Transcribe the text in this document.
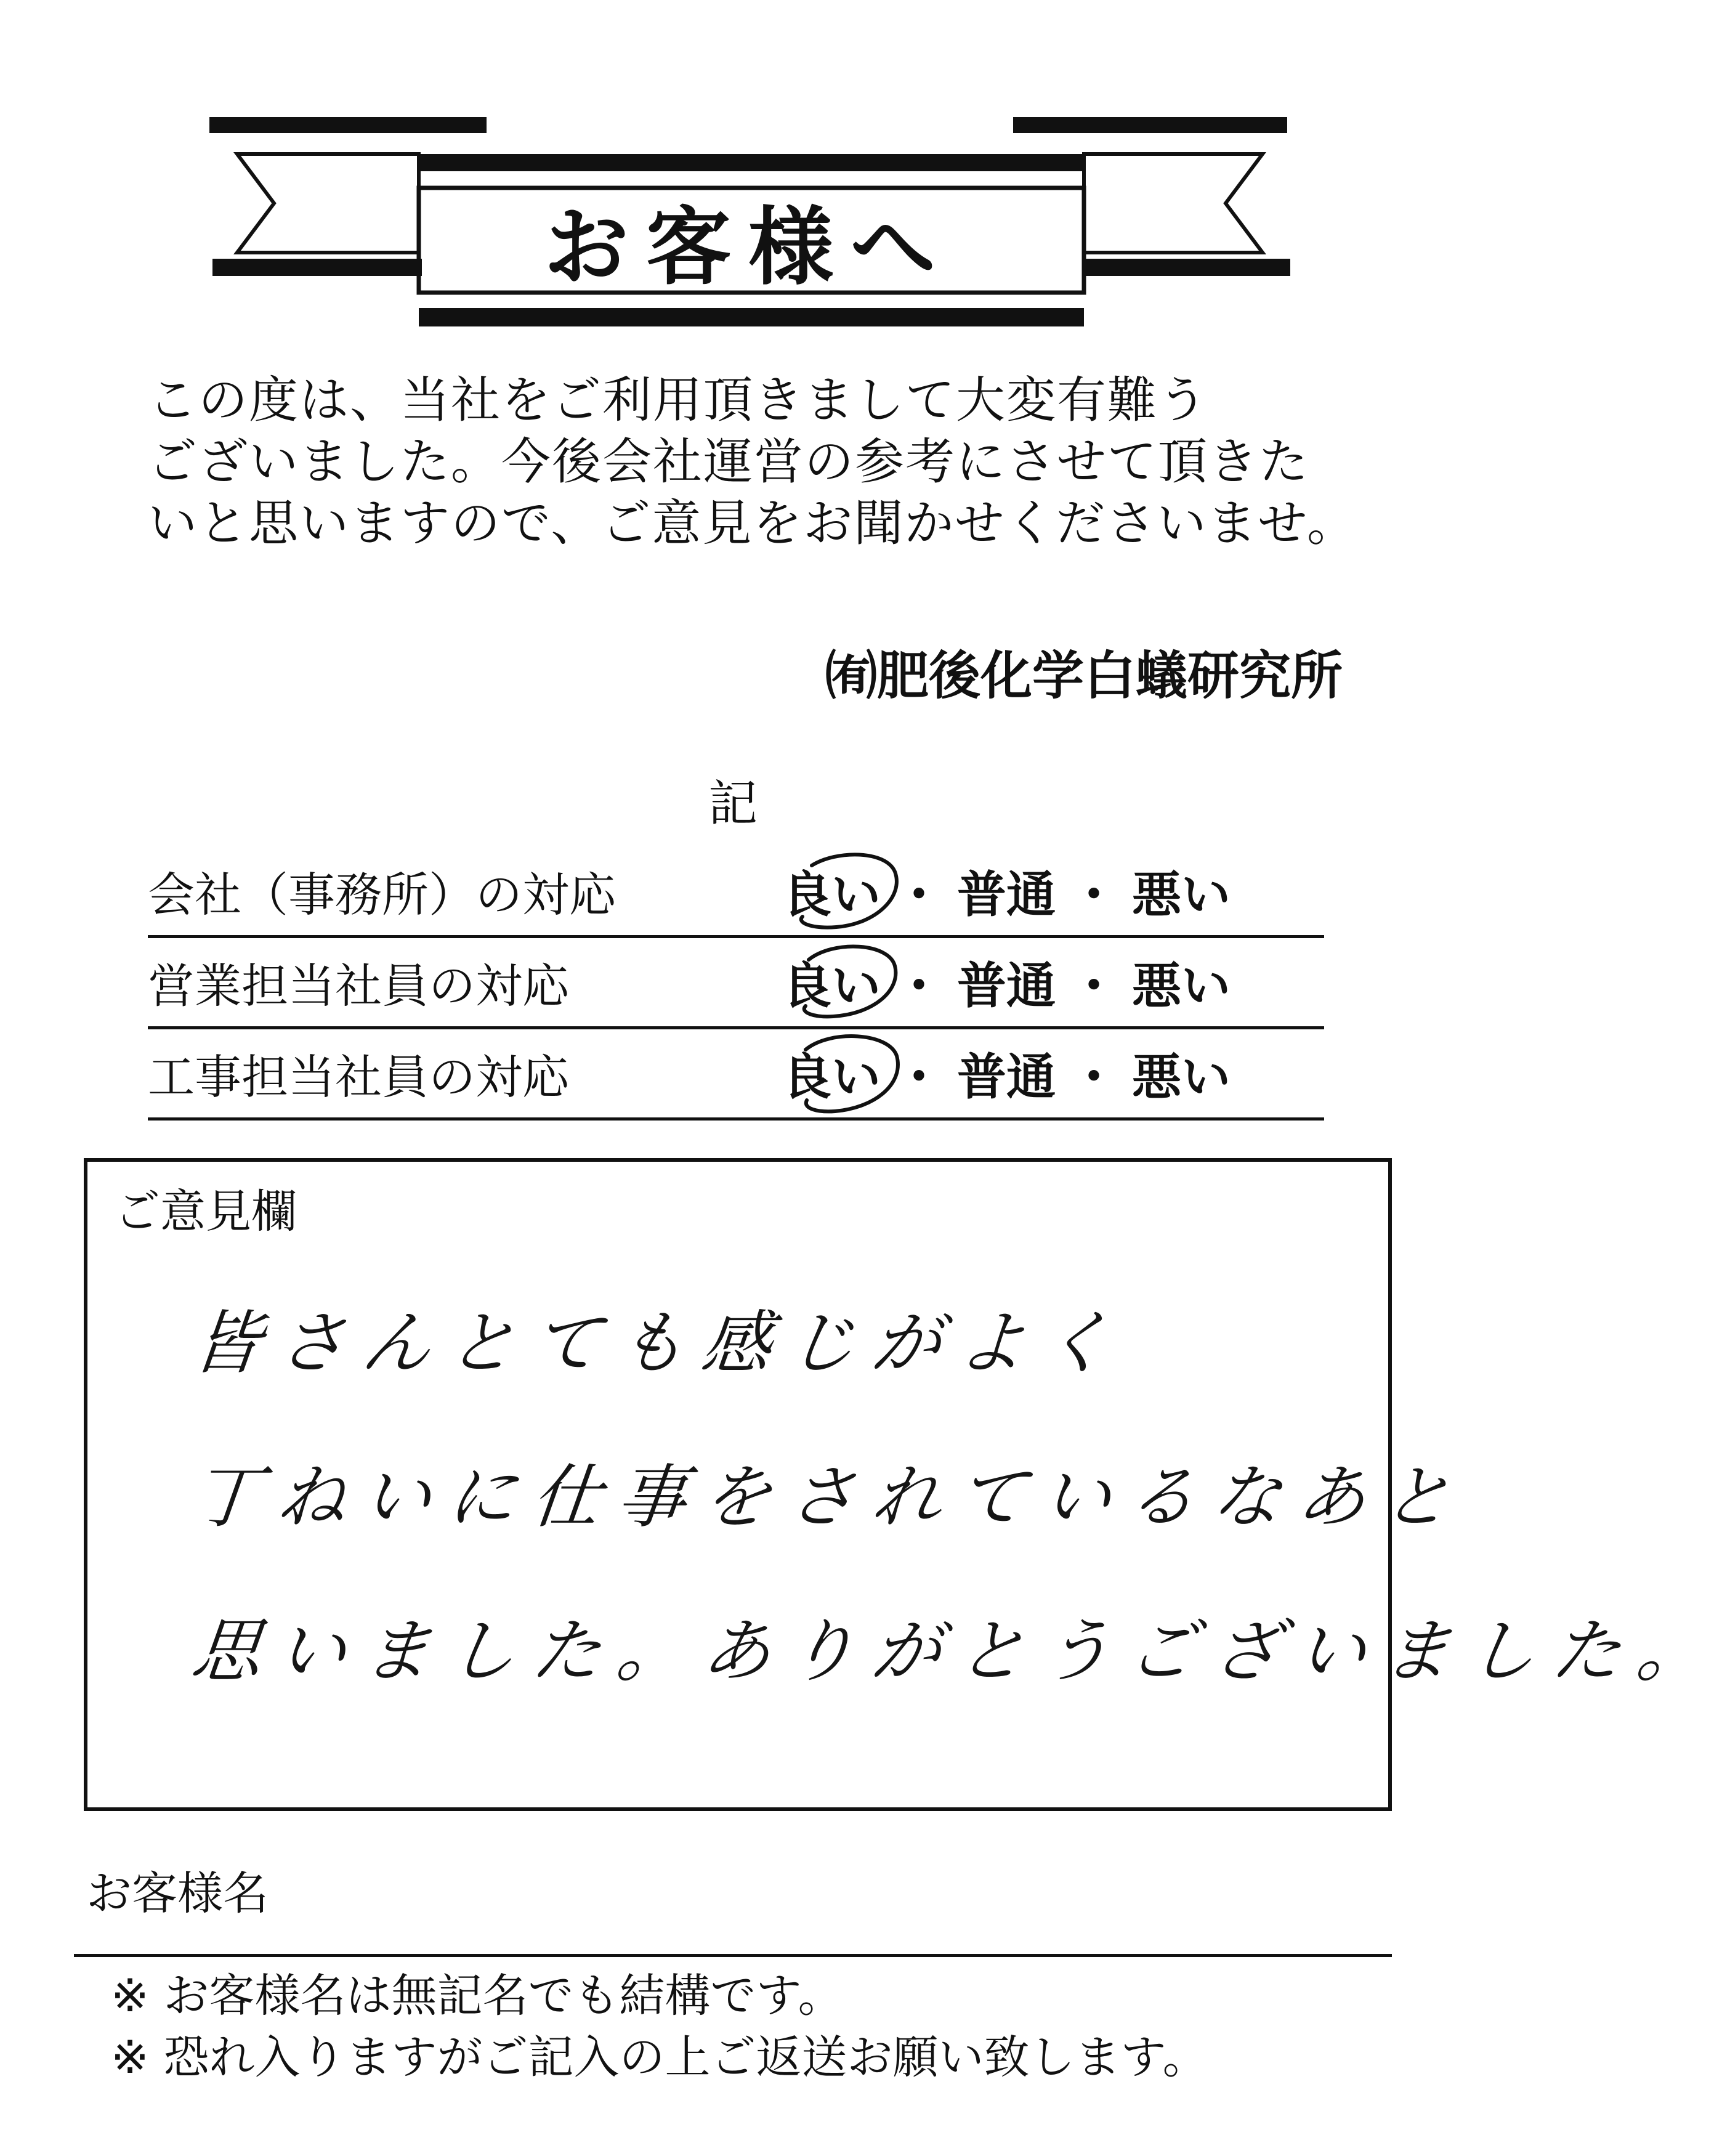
お客様へ
この度は、当社をご利用頂きまして大変有難う
ございました。今後会社運営の参考にさせて頂きた
いと思いますので、ご意見をお聞かせくださいませ。
㈲肥後化学白蟻研究所
記
会社（事務所）の対応	良い ・ 普通 ・ 悪い
営業担当社員の対応	良い ・ 普通 ・ 悪い
工事担当社員の対応	良い ・ 普通 ・ 悪い
ご意見欄
皆さんとても感じがよく
丁ねいに仕事をされているなあと
思いました。ありがとうございました。
お客様名
※ お客様名は無記名でも結構です。
※ 恐れ入りますがご記入の上ご返送お願い致します。
